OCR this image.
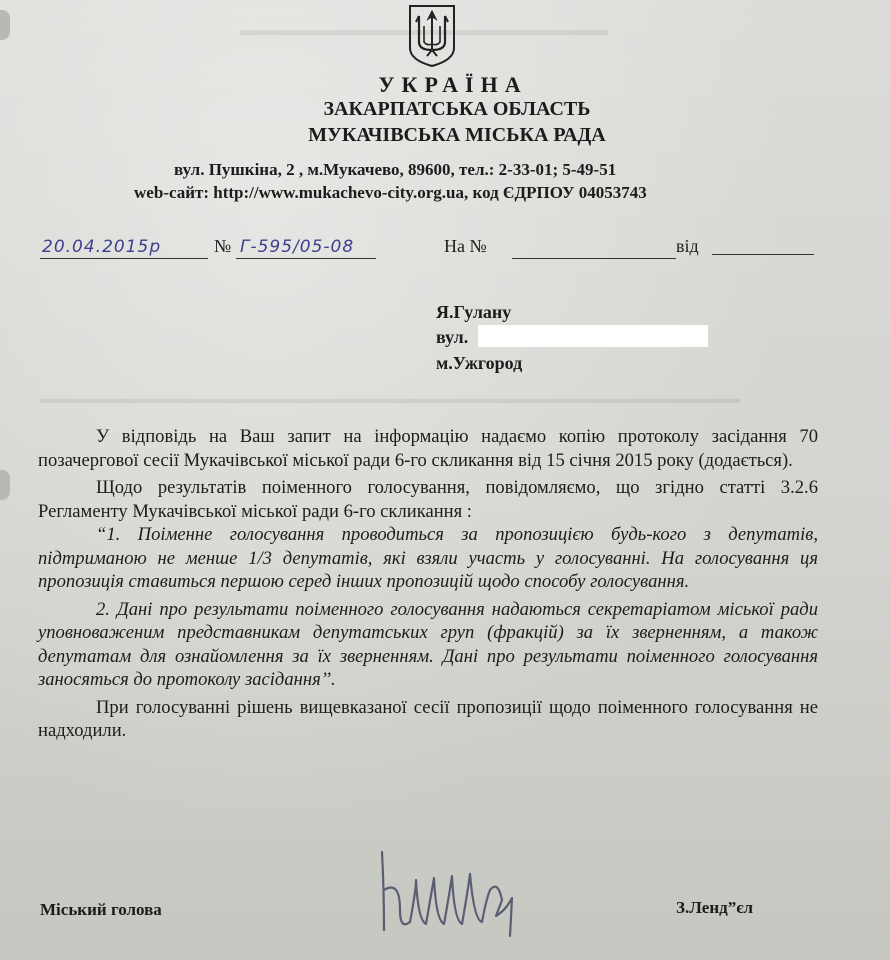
▬▬▬▬▬▬▬▬▬▬▬▬▬▬▬▬▬▬▬▬▬▬▬
▬▬▬▬▬▬▬▬▬▬▬▬▬▬▬▬▬▬▬▬▬▬▬▬▬▬▬▬▬▬▬▬▬▬▬▬▬▬▬▬▬▬▬▬▬▬▬▬▬▬
УКРАЇНА
ЗАКАРПАТСЬКА ОБЛАСТЬ
МУКАЧІВСЬКА МІСЬКА РАДА
вул. Пушкіна, 2 , м.Мукачево, 89600, тел.: 2-33-01; 5-49-51
web-сайт: http://www.mukachevo-city.org.ua, код ЄДРПОУ 04053743
20.04.2015р	№ Г-595/05-08	На №	від
Я.Гулану
вул.
м.Ужгород

У відповідь на Ваш запит на інформацію надаємо копію протоколу засідання 70 позачергової сесії Мукачівської міської ради 6-го скликання від 15 січня 2015 року (додається).

Щодо результатів поіменного голосування, повідомляємо, що згідно статті 3.2.6 Регламенту Мукачівської міської ради 6-го скликання :

“1. Поіменне голосування проводиться за пропозицією будь-кого з депутатів, підтриманою не менше 1/3 депутатів, які взяли участь у голосуванні. На голосування ця пропозиція ставиться першою серед інших пропозицій щодо способу голосування.

2. Дані про результати поіменного голосування надаються секретаріатом міської ради уповноваженим представникам депутатських груп (фракцій) за їх зверненням, а також депутатам для ознайомлення за їх зверненням. Дані про результати поіменного голосування заносяться до протоколу засідання’’.

При голосуванні рішень вищевказаної сесії пропозиції щодо поіменного голосування не надходили.

Міський голова	З.Ленд”єл
